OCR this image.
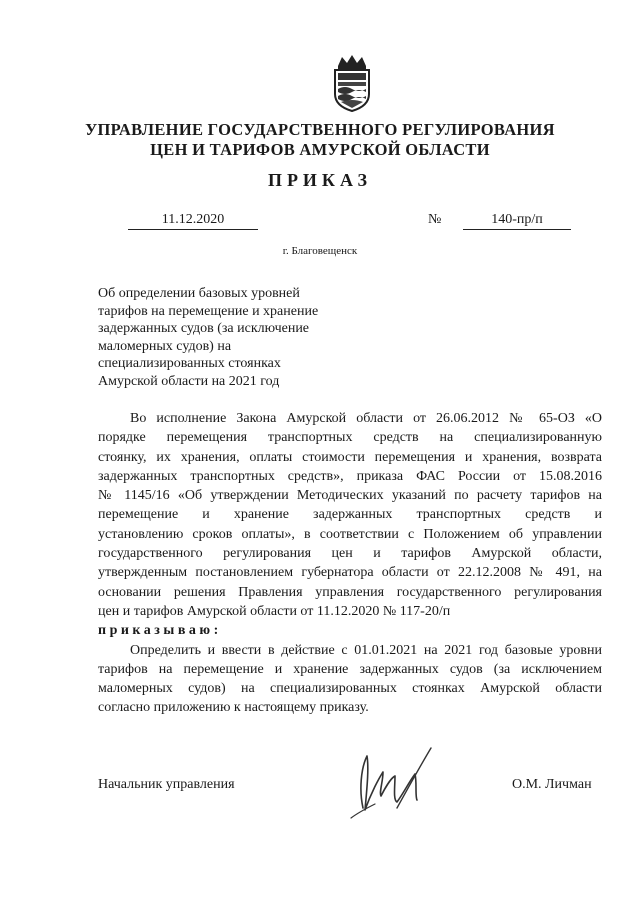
УПРАВЛЕНИЕ ГОСУДАРСТВЕННОГО РЕГУЛИРОВАНИЯ
ЦЕН И ТАРИФОВ АМУРСКОЙ ОБЛАСТИ
ПРИКАЗ
11.12.2020	№	140-пр/п
г. Благовещенск
Об определении базовых уровней
тарифов на перемещение и хранение
задержанных судов (за исключение
маломерных судов) на
специализированных стоянках
Амурской области на 2021 год
Во исполнение Закона Амурской области от 26.06.2012 № 65-ОЗ «О
порядке перемещения транспортных средств на специализированную
стоянку, их хранения, оплаты стоимости перемещения и хранения, возврата
задержанных транспортных средств», приказа ФАС России от 15.08.2016
№ 1145/16 «Об утверждении Методических указаний по расчету тарифов на
перемещение и хранение задержанных транспортных средств и
установлению сроков оплаты», в соответствии с Положением об управлении
государственного регулирования цен и тарифов Амурской области,
утвержденным постановлением губернатора области от 22.12.2008 № 491, на
основании решения Правления управления государственного регулирования
цен и тарифов Амурской области от 11.12.2020 № 117-20/п
приказываю:
Определить и ввести в действие с 01.01.2021 на 2021 год базовые уровни
тарифов на перемещение и хранение задержанных судов (за исключением
маломерных судов) на специализированных стоянках Амурской области
согласно приложению к настоящему приказу.
Начальник управления	О.М. Личман
